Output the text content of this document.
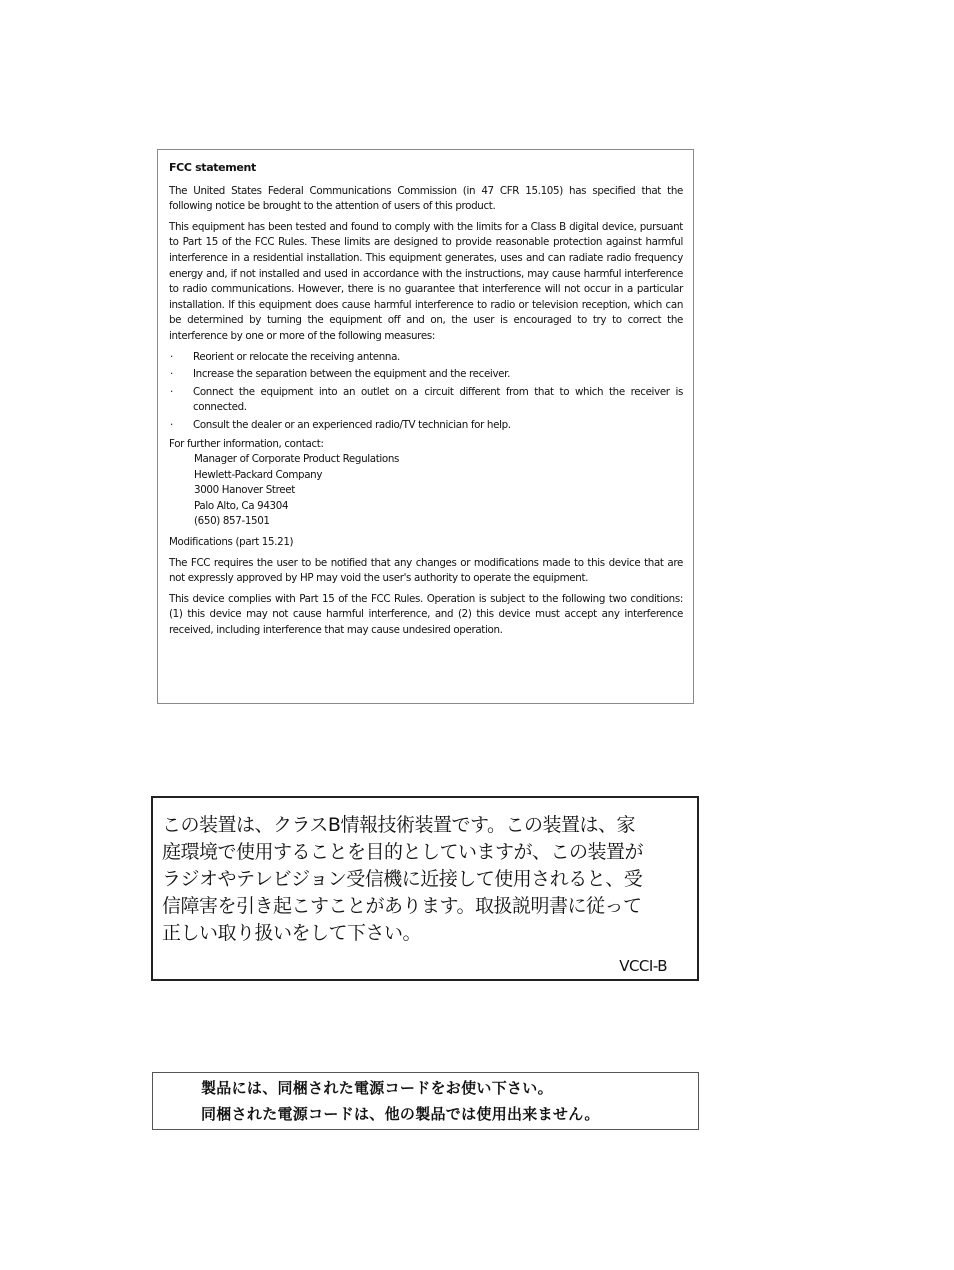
FCC statement

The United States Federal Communications Commission (in 47 CFR 15.105) has specified that the following notice be brought to the attention of users of this product.

This equipment has been tested and found to comply with the limits for a Class B digital device, pursuant to Part 15 of the FCC Rules. These limits are designed to provide reasonable protection against harmful interference in a residential installation. This equipment generates, uses and can radiate radio frequency energy and, if not installed and used in accordance with the instructions, may cause harmful interference to radio communications. However, there is no guarantee that interference will not occur in a particular installation. If this equipment does cause harmful interference to radio or television reception, which can be determined by turning the equipment off and on, the user is encouraged to try to correct the interference by one or more of the following measures:

· Reorient or relocate the receiving antenna.
· Increase the separation between the equipment and the receiver.
· Connect the equipment into an outlet on a circuit different from that to which the receiver is connected.
· Consult the dealer or an experienced radio/TV technician for help.
For further information, contact:
Manager of Corporate Product Regulations
Hewlett-Packard Company
3000 Hanover Street
Palo Alto, Ca 94304
(650) 857-1501

Modifications (part 15.21)

The FCC requires the user to be notified that any changes or modifications made to this device that are not expressly approved by HP may void the user's authority to operate the equipment.

This device complies with Part 15 of the FCC Rules. Operation is subject to the following two conditions: (1) this device may not cause harmful interference, and (2) this device must accept any interference received, including interference that may cause undesired operation.

この装置は、クラスB情報技術装置です。この装置は、家
庭環境で使用することを目的としていますが、この装置が
ラジオやテレビジョン受信機に近接して使用されると、受
信障害を引き起こすことがあります。取扱説明書に従って
正しい取り扱いをして下さい。
VCCI-B
製品には、同梱された電源コードをお使い下さい。
同梱された電源コードは、他の製品では使用出来ません。
